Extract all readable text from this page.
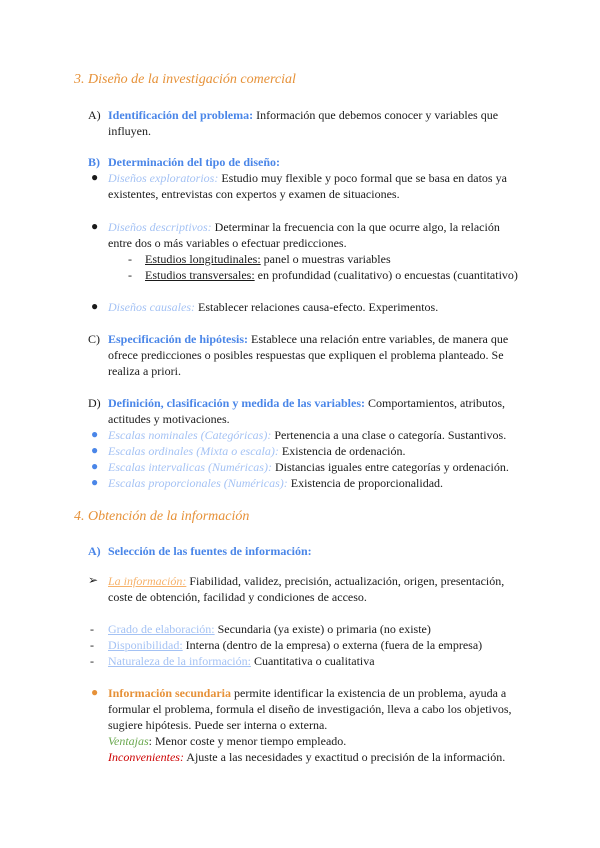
3. Diseño de la investigación comercial
A) Identificación del problema: Información que debemos conocer y variables que
influyen.
B) Determinación del tipo de diseño:
● Diseños exploratorios: Estudio muy flexible y poco formal que se basa en datos ya
existentes, entrevistas con expertos y examen de situaciones.
● Diseños descriptivos: Determinar la frecuencia con la que ocurre algo, la relación
entre dos o más variables o efectuar predicciones.
- Estudios longitudinales: panel o muestras variables
- Estudios transversales: en profundidad (cualitativo) o encuestas (cuantitativo)
● Diseños causales: Establecer relaciones causa-efecto. Experimentos.
C) Especificación de hipótesis: Establece una relación entre variables, de manera que
ofrece predicciones o posibles respuestas que expliquen el problema planteado. Se
realiza a priori.
D) Definición, clasificación y medida de las variables: Comportamientos, atributos,
actitudes y motivaciones.
● Escalas nominales (Categóricas): Pertenencia a una clase o categoría. Sustantivos.
● Escalas ordinales (Mixta o escala): Existencia de ordenación.
● Escalas intervalicas (Numéricas): Distancias iguales entre categorías y ordenación.
● Escalas proporcionales (Numéricas): Existencia de proporcionalidad.
4. Obtención de la información
A) Selección de las fuentes de información:
➢ La información: Fiabilidad, validez, precisión, actualización, origen, presentación,
coste de obtención, facilidad y condiciones de acceso.
- Grado de elaboración: Secundaria (ya existe) o primaria (no existe)
- Disponibilidad: Interna (dentro de la empresa) o externa (fuera de la empresa)
- Naturaleza de la información: Cuantitativa o cualitativa
● Información secundaria permite identificar la existencia de un problema, ayuda a
formular el problema, formula el diseño de investigación, lleva a cabo los objetivos,
sugiere hipótesis. Puede ser interna o externa.
Ventajas: Menor coste y menor tiempo empleado.
Inconvenientes: Ajuste a las necesidades y exactitud o precisión de la información.
